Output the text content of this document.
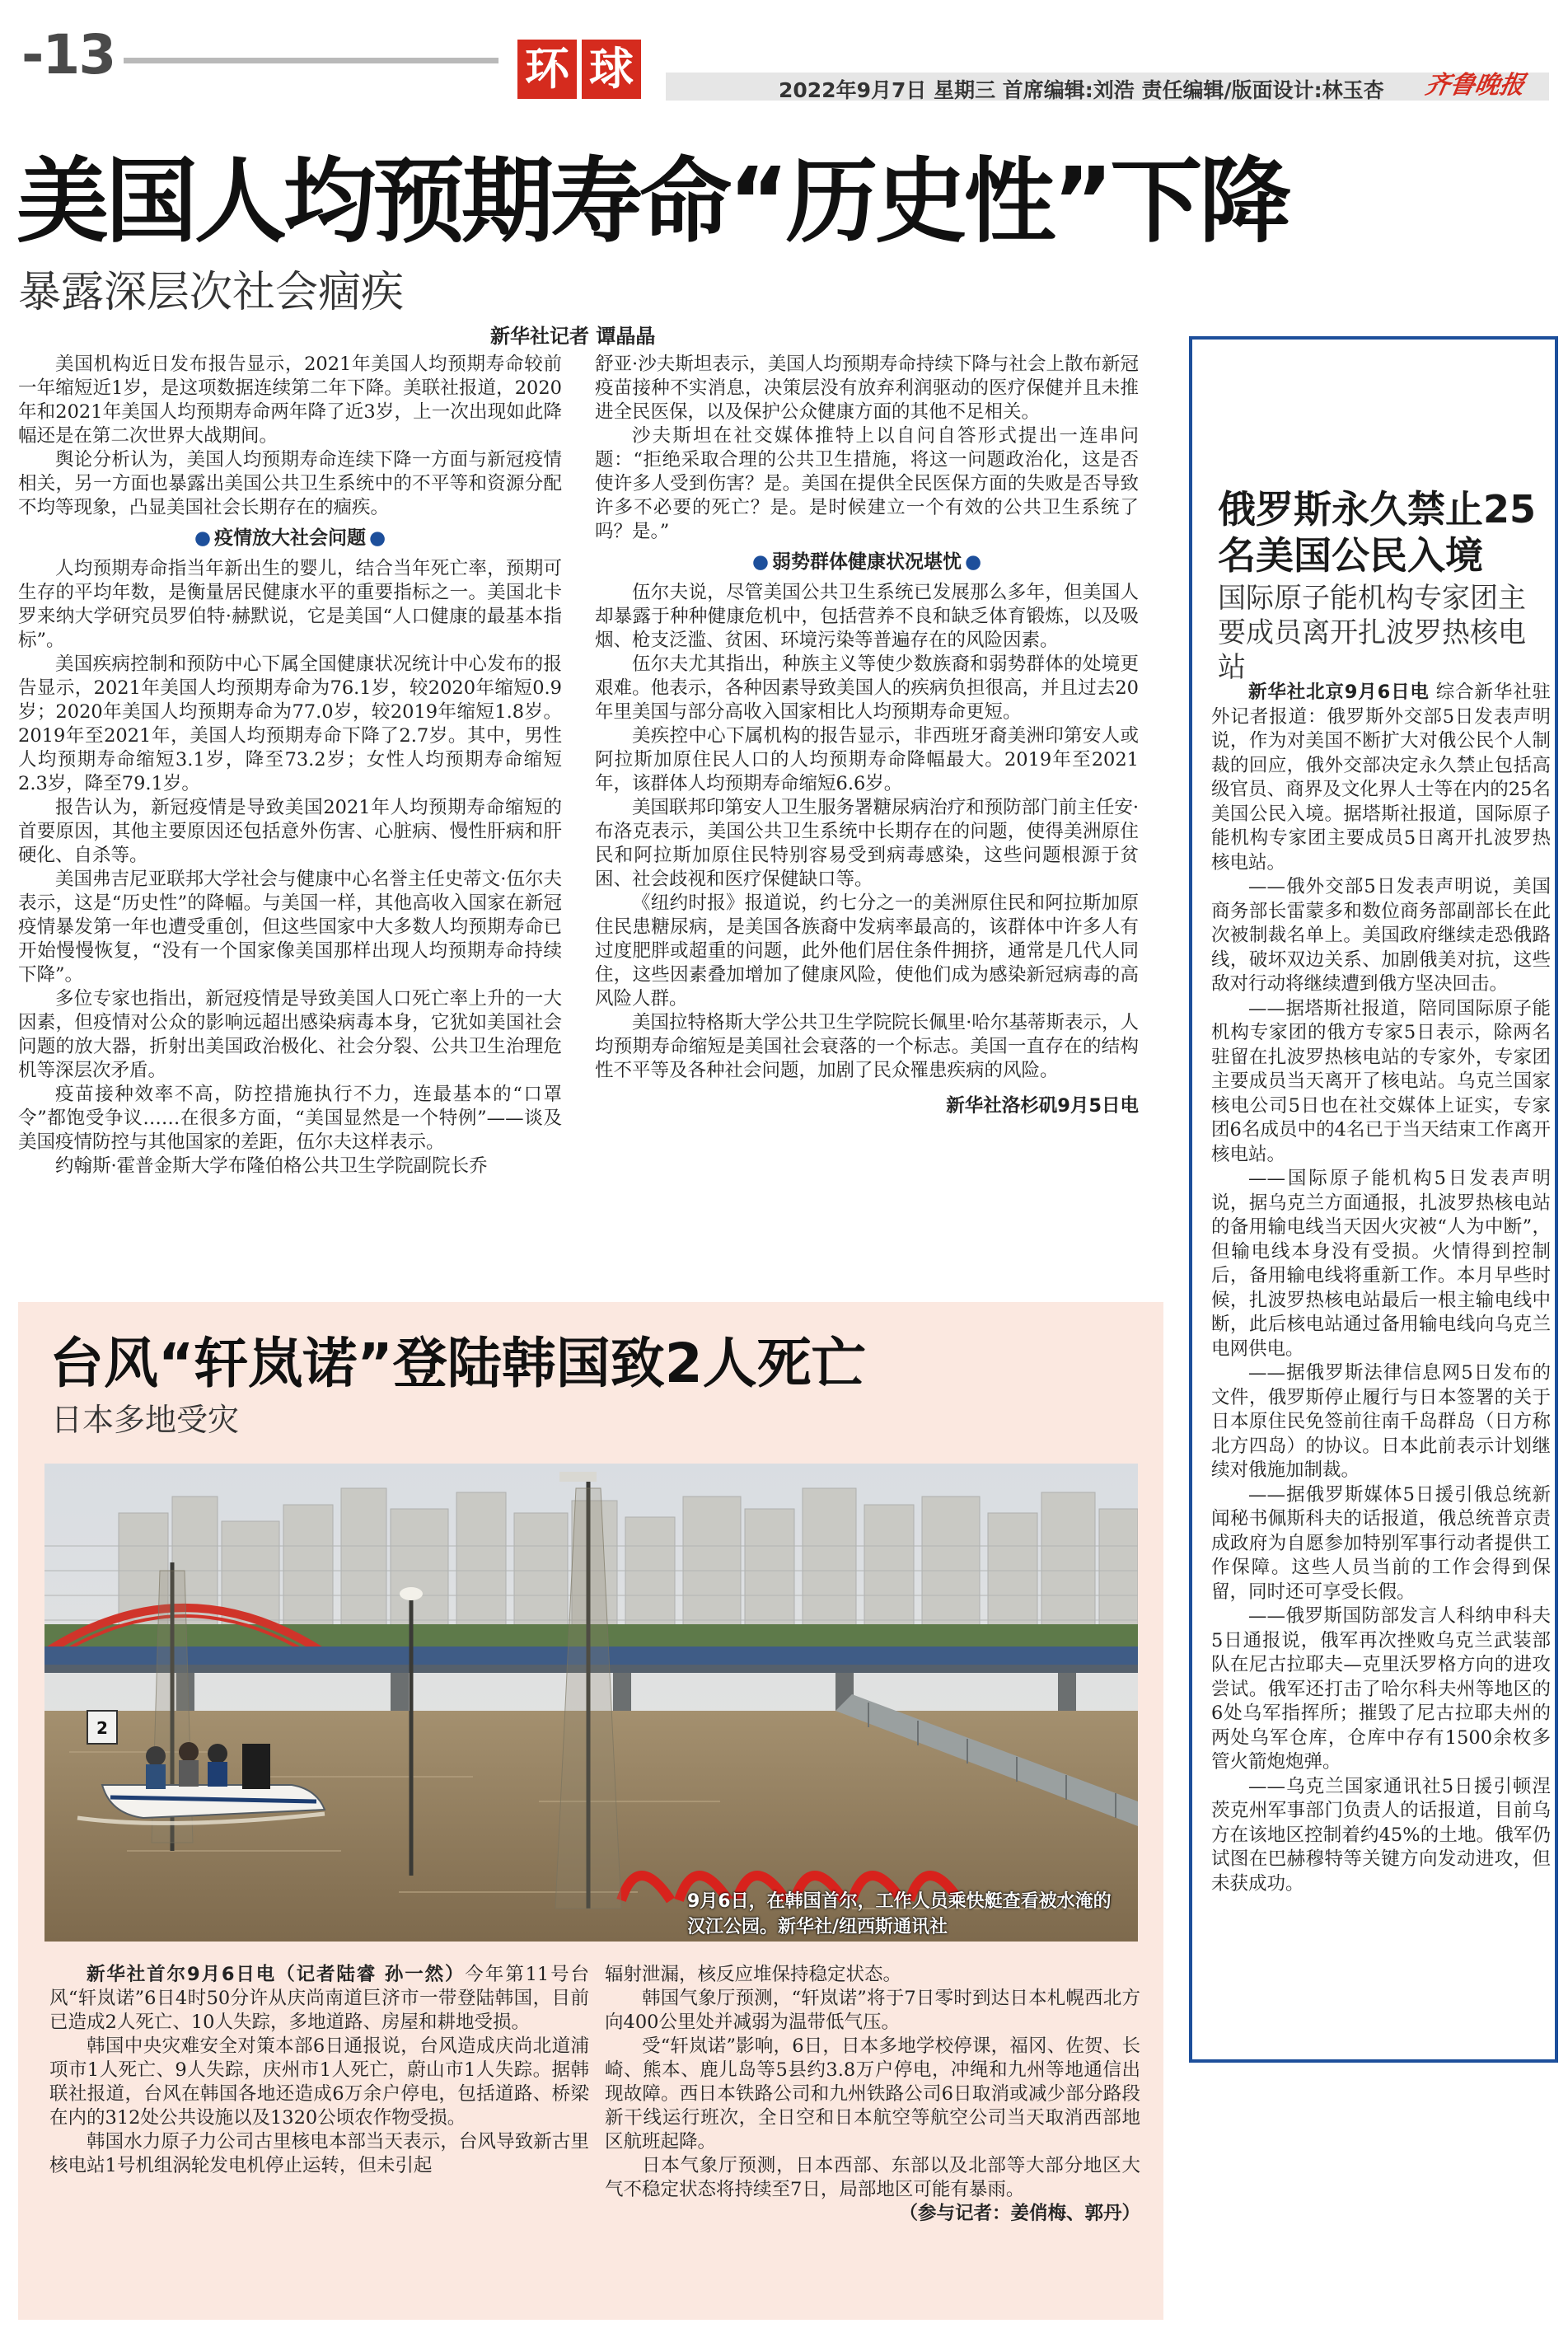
-13	环 球	2022年9月7日 星期三 首席编辑:刘浩 责任编辑/版面设计:林玉杏	齐鲁晚报
美国人均预期寿命“历史性”下降
暴露深层次社会痼疾
新华社记者 谭晶晶

美国机构近日发布报告显示，2021年美国人均预期寿命较前一年缩短近1岁，是这项数据连续第二年下降。美联社报道，2020年和2021年美国人均预期寿命两年降了近3岁，上一次出现如此降幅还是在第二次世界大战期间。

舆论分析认为，美国人均预期寿命连续下降一方面与新冠疫情相关，另一方面也暴露出美国公共卫生系统中的不平等和资源分配不均等现象，凸显美国社会长期存在的痼疾。

● 疫情放大社会问题 ●

人均预期寿命指当年新出生的婴儿，结合当年死亡率，预期可生存的平均年数，是衡量居民健康水平的重要指标之一。美国北卡罗来纳大学研究员罗伯特·赫默说，它是美国“人口健康的最基本指标”。

美国疾病控制和预防中心下属全国健康状况统计中心发布的报告显示，2021年美国人均预期寿命为76.1岁，较2020年缩短0.9岁；2020年美国人均预期寿命为77.0岁，较2019年缩短1.8岁。2019年至2021年，美国人均预期寿命下降了2.7岁。其中，男性人均预期寿命缩短3.1岁，降至73.2岁；女性人均预期寿命缩短2.3岁，降至79.1岁。

报告认为，新冠疫情是导致美国2021年人均预期寿命缩短的首要原因，其他主要原因还包括意外伤害、心脏病、慢性肝病和肝硬化、自杀等。

美国弗吉尼亚联邦大学社会与健康中心名誉主任史蒂文·伍尔夫表示，这是“历史性”的降幅。与美国一样，其他高收入国家在新冠疫情暴发第一年也遭受重创，但这些国家中大多数人均预期寿命已开始慢慢恢复，“没有一个国家像美国那样出现人均预期寿命持续下降”。

多位专家也指出，新冠疫情是导致美国人口死亡率上升的一大因素，但疫情对公众的影响远超出感染病毒本身，它犹如美国社会问题的放大器，折射出美国政治极化、社会分裂、公共卫生治理危机等深层次矛盾。

疫苗接种效率不高，防控措施执行不力，连最基本的“口罩令”都饱受争议……在很多方面，“美国显然是一个特例”——谈及美国疫情防控与其他国家的差距，伍尔夫这样表示。

约翰斯·霍普金斯大学布隆伯格公共卫生学院副院长乔

舒亚·沙夫斯坦表示，美国人均预期寿命持续下降与社会上散布新冠疫苗接种不实消息，决策层没有放弃利润驱动的医疗保健并且未推进全民医保，以及保护公众健康方面的其他不足相关。

沙夫斯坦在社交媒体推特上以自问自答形式提出一连串问题：“拒绝采取合理的公共卫生措施，将这一问题政治化，这是否使许多人受到伤害？是。美国在提供全民医保方面的失败是否导致许多不必要的死亡？是。是时候建立一个有效的公共卫生系统了吗？是。”

● 弱势群体健康状况堪忧 ●

伍尔夫说，尽管美国公共卫生系统已发展那么多年，但美国人却暴露于种种健康危机中，包括营养不良和缺乏体育锻炼，以及吸烟、枪支泛滥、贫困、环境污染等普遍存在的风险因素。

伍尔夫尤其指出，种族主义等使少数族裔和弱势群体的处境更艰难。他表示，各种因素导致美国人的疾病负担很高，并且过去20年里美国与部分高收入国家相比人均预期寿命更短。

美疾控中心下属机构的报告显示，非西班牙裔美洲印第安人或阿拉斯加原住民人口的人均预期寿命降幅最大。2019年至2021年，该群体人均预期寿命缩短6.6岁。

美国联邦印第安人卫生服务署糖尿病治疗和预防部门前主任安·布洛克表示，美国公共卫生系统中长期存在的问题，使得美洲原住民和阿拉斯加原住民特别容易受到病毒感染，这些问题根源于贫困、社会歧视和医疗保健缺口等。

《纽约时报》报道说，约七分之一的美洲原住民和阿拉斯加原住民患糖尿病，是美国各族裔中发病率最高的，该群体中许多人有过度肥胖或超重的问题，此外他们居住条件拥挤，通常是几代人同住，这些因素叠加增加了健康风险，使他们成为感染新冠病毒的高风险人群。

美国拉特格斯大学公共卫生学院院长佩里·哈尔基蒂斯表示，人均预期寿命缩短是美国社会衰落的一个标志。美国一直存在的结构性不平等及各种社会问题，加剧了民众罹患疾病的风险。

新华社洛杉矶9月5日电

俄罗斯永久禁止25名美国公民入境
国际原子能机构专家团主要成员离开扎波罗热核电站

新华社北京9月6日电 综合新华社驻外记者报道：俄罗斯外交部5日发表声明说，作为对美国不断扩大对俄公民个人制裁的回应，俄外交部决定永久禁止包括高级官员、商界及文化界人士等在内的25名美国公民入境。据塔斯社报道，国际原子能机构专家团主要成员5日离开扎波罗热核电站。

——俄外交部5日发表声明说，美国商务部长雷蒙多和数位商务部副部长在此次被制裁名单上。美国政府继续走恐俄路线，破坏双边关系、加剧俄美对抗，这些敌对行动将继续遭到俄方坚决回击。

——据塔斯社报道，陪同国际原子能机构专家团的俄方专家5日表示，除两名驻留在扎波罗热核电站的专家外，专家团主要成员当天离开了核电站。乌克兰国家核电公司5日也在社交媒体上证实，专家团6名成员中的4名已于当天结束工作离开核电站。

——国际原子能机构5日发表声明说，据乌克兰方面通报，扎波罗热核电站的备用输电线当天因火灾被“人为中断”，但输电线本身没有受损。火情得到控制后，备用输电线将重新工作。本月早些时候，扎波罗热核电站最后一根主输电线中断，此后核电站通过备用输电线向乌克兰电网供电。

——据俄罗斯法律信息网5日发布的文件，俄罗斯停止履行与日本签署的关于日本原住民免签前往南千岛群岛（日方称北方四岛）的协议。日本此前表示计划继续对俄施加制裁。

——据俄罗斯媒体5日援引俄总统新闻秘书佩斯科夫的话报道，俄总统普京责成政府为自愿参加特别军事行动者提供工作保障。这些人员当前的工作会得到保留，同时还可享受长假。

——俄罗斯国防部发言人科纳申科夫5日通报说，俄军再次挫败乌克兰武装部队在尼古拉耶夫—克里沃罗格方向的进攻尝试。俄军还打击了哈尔科夫州等地区的6处乌军指挥所；摧毁了尼古拉耶夫州的两处乌军仓库，仓库中存有1500余枚多管火箭炮炮弹。

——乌克兰国家通讯社5日援引顿涅茨克州军事部门负责人的话报道，目前乌方在该地区控制着约45%的土地。俄军仍试图在巴赫穆特等关键方向发动进攻，但未获成功。

台风“轩岚诺”登陆韩国致2人死亡
日本多地受灾
2
9月6日，在韩国首尔，工作人员乘快艇查看被水淹的汉江公园。新华社/纽西斯通讯社

新华社首尔9月6日电（记者陆睿 孙一然）今年第11号台风“轩岚诺”6日4时50分许从庆尚南道巨济市一带登陆韩国，目前已造成2人死亡、10人失踪，多地道路、房屋和耕地受损。

韩国中央灾难安全对策本部6日通报说，台风造成庆尚北道浦项市1人死亡、9人失踪，庆州市1人死亡，蔚山市1人失踪。据韩联社报道，台风在韩国各地还造成6万余户停电，包括道路、桥梁在内的312处公共设施以及1320公顷农作物受损。

韩国水力原子力公司古里核电本部当天表示，台风导致新古里核电站1号机组涡轮发电机停止运转，但未引起

辐射泄漏，核反应堆保持稳定状态。

韩国气象厅预测，“轩岚诺”将于7日零时到达日本札幌西北方向400公里处并减弱为温带低气压。

受“轩岚诺”影响，6日，日本多地学校停课，福冈、佐贺、长崎、熊本、鹿儿岛等5县约3.8万户停电，冲绳和九州等地通信出现故障。西日本铁路公司和九州铁路公司6日取消或减少部分路段新干线运行班次，全日空和日本航空等航空公司当天取消西部地区航班起降。

日本气象厅预测，日本西部、东部以及北部等大部分地区大气不稳定状态将持续至7日，局部地区可能有暴雨。

（参与记者：姜俏梅、郭丹）
